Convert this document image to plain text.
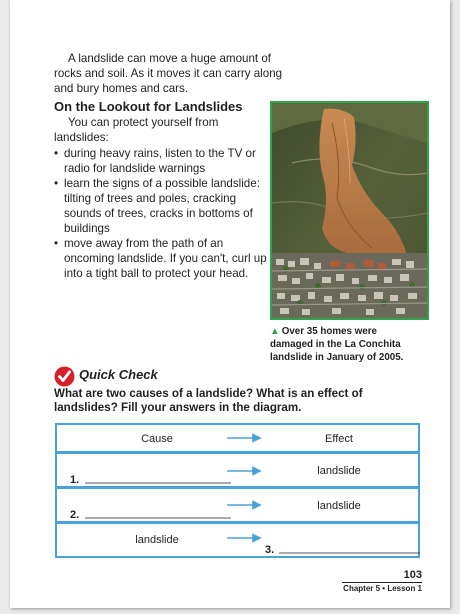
A landslide can move a huge amount of rocks and soil. As it moves it can carry along and bury homes and cars.

On the Lookout for Landslides

You can protect yourself from landslides:

• during heavy rains, listen to the TV or radio for landslide warnings
• learn the signs of a possible landslide: tilting of trees and poles, cracking sounds of trees, cracks in bottoms of buildings
• move away from the path of an oncoming landslide. If you can't, curl up into a tight ball to protect your head.
▲ Over 35 homes were damaged in the La Conchita landslide in January of 2005.
Quick Check
What are two causes of a landslide? What is an effect of landslides? Fill your answers in the diagram.
Cause	Effect
1.
landslide
2.
landslide
landslide
3.
103
Chapter 5 • Lesson 1
